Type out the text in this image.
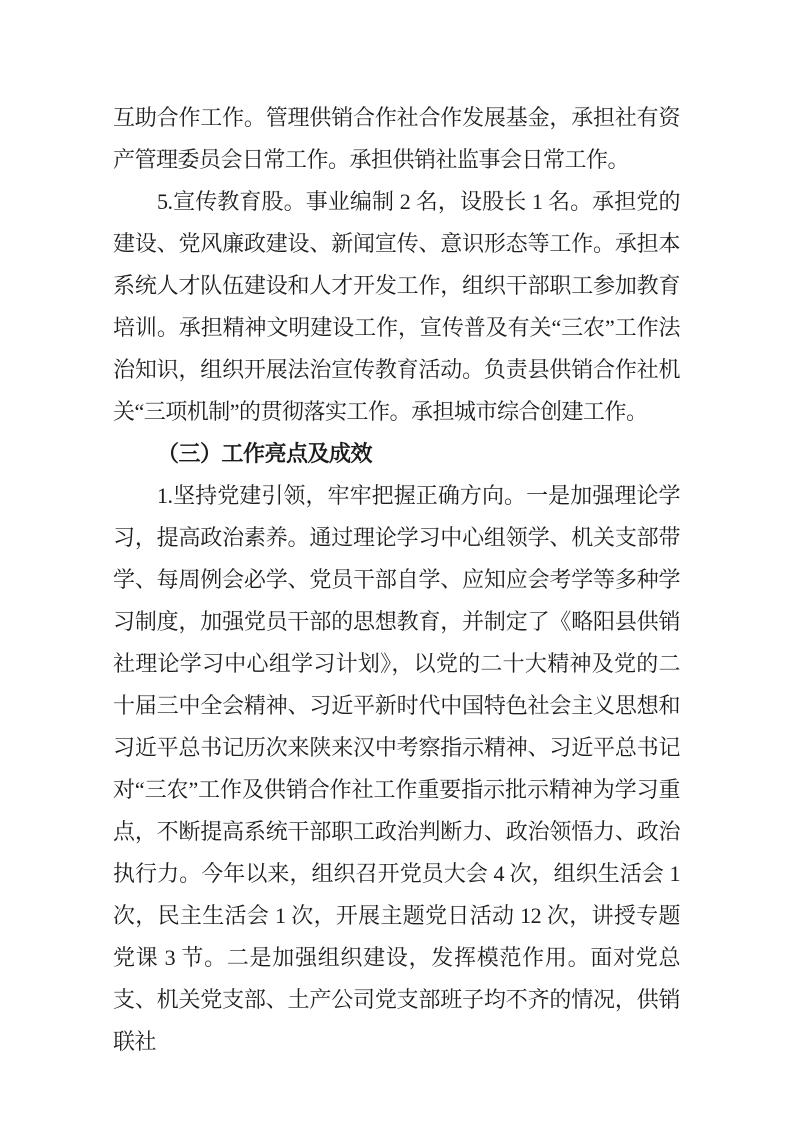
互助合作工作。管理供销合作社合作发展基金，承担社有资产管理委员会日常工作。承担供销社监事会日常工作。

5.宣传教育股。事业编制 2 名，设股长 1 名。承担党的建设、党风廉政建设、新闻宣传、意识形态等工作。承担本系统人才队伍建设和人才开发工作，组织干部职工参加教育培训。承担精神文明建设工作，宣传普及有关“三农”工作法治知识，组织开展法治宣传教育活动。负责县供销合作社机关“三项机制”的贯彻落实工作。承担城市综合创建工作。

（三）工作亮点及成效

1.坚持党建引领，牢牢把握正确方向。一是加强理论学习，提高政治素养。通过理论学习中心组领学、机关支部带学、每周例会必学、党员干部自学、应知应会考学等多种学习制度，加强党员干部的思想教育，并制定了《略阳县供销社理论学习中心组学习计划》，以党的二十大精神及党的二十届三中全会精神、习近平新时代中国特色社会主义思想和习近平总书记历次来陕来汉中考察指示精神、习近平总书记对“三农”工作及供销合作社工作重要指示批示精神为学习重点，不断提高系统干部职工政治判断力、政治领悟力、政治执行力。今年以来，组织召开党员大会 4 次，组织生活会 1 次，民主生活会 1 次，开展主题党日活动 12 次，讲授专题党课 3 节。二是加强组织建设，发挥模范作用。面对党总支、机关党支部、土产公司党支部班子均不齐的情况，供销联社
